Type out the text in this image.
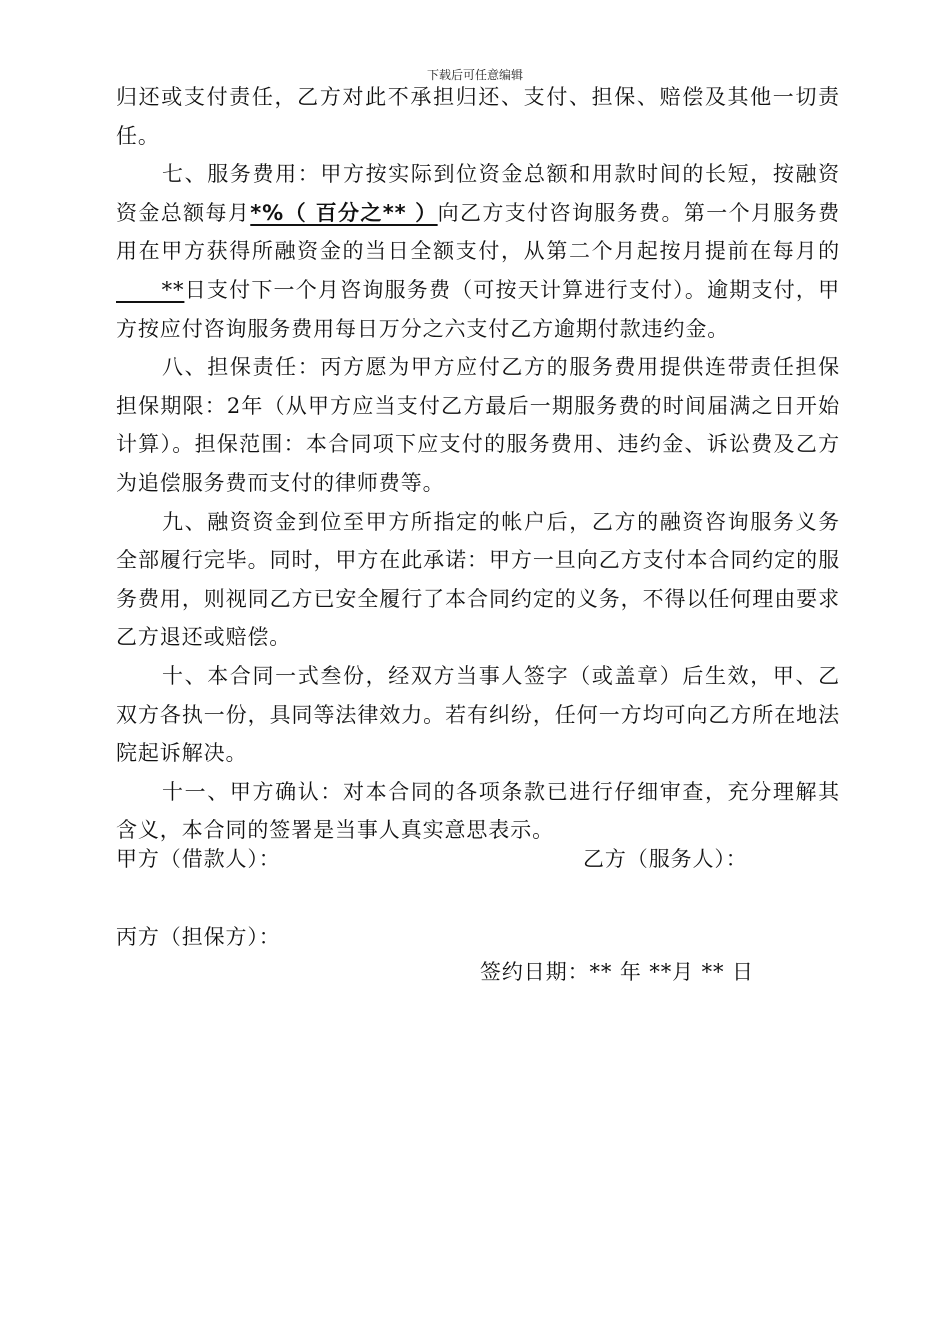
下载后可任意编辑

归还或支付责任，乙方对此不承担归还、支付、担保、赔偿及其他一切责任。

七、服务费用：甲方按实际到位资金总额和用款时间的长短，按融资资金总额每月*%（ 百分之** ）向乙方支付咨询服务费。第一个月服务费用在甲方获得所融资金的当日全额支付，从第二个月起按月提前在每月的____**日支付下一个月咨询服务费（可按天计算进行支付）。逾期支付，甲方按应付咨询服务费用每日万分之六支付乙方逾期付款违约金。

八、担保责任：丙方愿为甲方应付乙方的服务费用提供连带责任担保担保期限：2年（从甲方应当支付乙方最后一期服务费的时间届满之日开始计算）。担保范围：本合同项下应支付的服务费用、违约金、诉讼费及乙方为追偿服务费而支付的律师费等。

九、融资资金到位至甲方所指定的帐户后，乙方的融资咨询服务义务全部履行完毕。同时，甲方在此承诺：甲方一旦向乙方支付本合同约定的服务费用，则视同乙方已安全履行了本合同约定的义务，不得以任何理由要求乙方退还或赔偿。

十、本合同一式叁份，经双方当事人签字（或盖章）后生效，甲、乙双方各执一份，具同等法律效力。若有纠纷，任何一方均可向乙方所在地法院起诉解决。

十一、甲方确认：对本合同的各项条款已进行仔细审查，充分理解其含义，本合同的签署是当事人真实意思表示。

甲方（借款人）：	乙方（服务人）：
丙方（担保方）：
签约日期：** 年 **月 ** 日
